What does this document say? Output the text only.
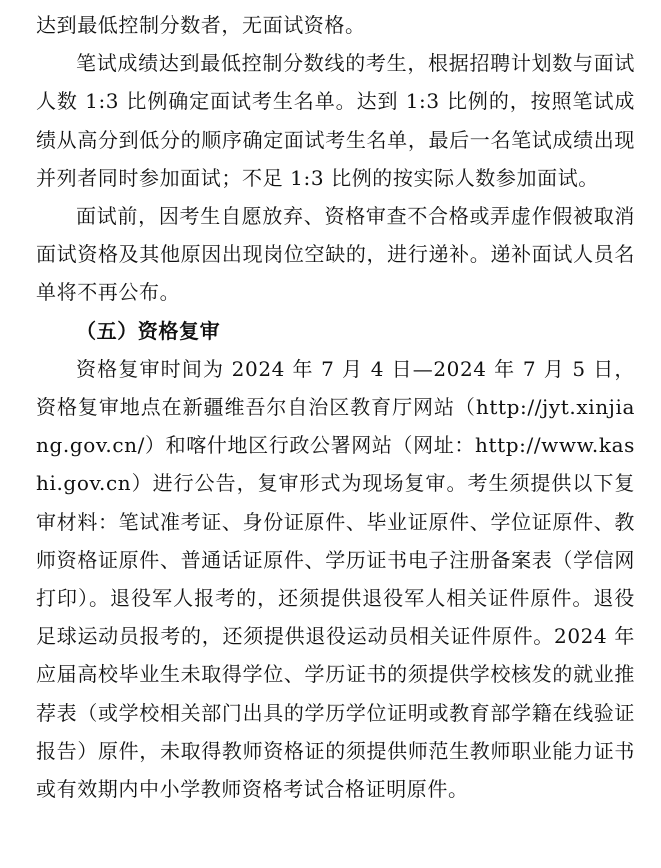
达到最低控制分数者，无面试资格。

笔试成绩达到最低控制分数线的考生，根据招聘计划数与面试人数 1:3 比例确定面试考生名单。达到 1:3 比例的，按照笔试成绩从高分到低分的顺序确定面试考生名单，最后一名笔试成绩出现并列者同时参加面试；不足 1:3 比例的按实际人数参加面试。

面试前，因考生自愿放弃、资格审查不合格或弄虚作假被取消面试资格及其他原因出现岗位空缺的，进行递补。递补面试人员名单将不再公布。

（五）资格复审

资格复审时间为 2024 年 7 月 4 日—2024 年 7 月 5 日，资格复审地点在新疆维吾尔自治区教育厅网站（http://jyt.xinjiang.gov.cn/）和喀什地区行政公署网站（网址：http://www.kashi.gov.cn）进行公告，复审形式为现场复审。考生须提供以下复审材料：笔试准考证、身份证原件、毕业证原件、学位证原件、教师资格证原件、普通话证原件、学历证书电子注册备案表（学信网打印）。退役军人报考的，还须提供退役军人相关证件原件。退役足球运动员报考的，还须提供退役运动员相关证件原件。2024 年应届高校毕业生未取得学位、学历证书的须提供学校核发的就业推荐表（或学校相关部门出具的学历学位证明或教育部学籍在线验证报告）原件，未取得教师资格证的须提供师范生教师职业能力证书或有效期内中小学教师资格考试合格证明原件。
